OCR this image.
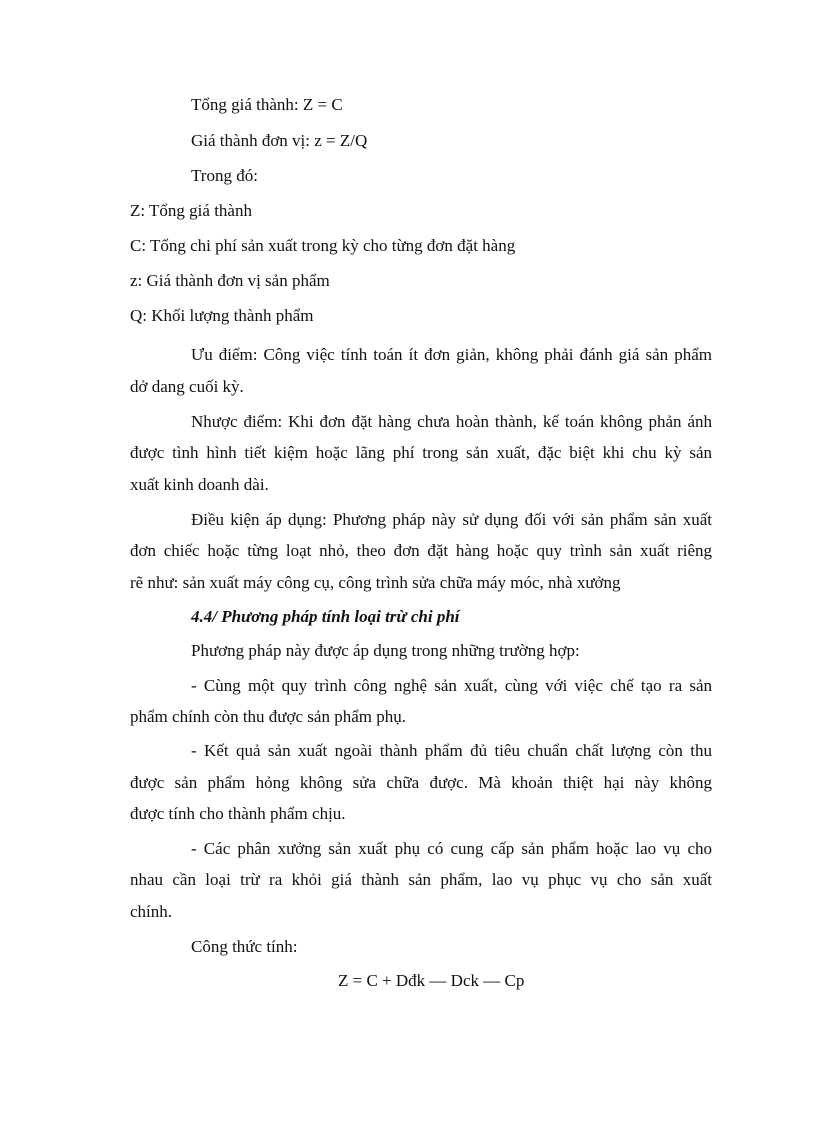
Tổng giá thành: Z = C
Giá thành đơn vị: z = Z/Q
Trong đó:
Z: Tổng giá thành
C: Tổng chi phí sản xuất trong kỳ cho từng đơn đặt hàng
z: Giá thành đơn vị sản phẩm
Q: Khối lượng thành phẩm
Ưu điểm: Công việc tính toán ít đơn giản, không phải đánh giá sản phẩm
dở dang cuối kỳ.
Nhược điểm: Khi đơn đặt hàng chưa hoàn thành, kế toán không phản ánh
được tình hình tiết kiệm hoặc lãng phí trong sản xuất, đặc biệt khi chu kỳ sản
xuất kinh doanh dài.
Điều kiện áp dụng: Phương pháp này sử dụng đối với sản phẩm sản xuất
đơn chiếc hoặc từng loạt nhỏ, theo đơn đặt hàng hoặc quy trình sản xuất riêng
rẽ như: sản xuất máy công cụ, công trình sửa chữa máy móc, nhà xưởng
4.4/ Phương pháp tính loại trừ chi phí
Phương pháp này được áp dụng trong những trường hợp:
- Cùng một quy trình công nghệ sản xuất, cùng với việc chế tạo ra sản
phẩm chính còn thu được sản phẩm phụ.
- Kết quả sản xuất ngoài thành phẩm đủ tiêu chuẩn chất lượng còn thu
được sản phẩm hỏng không sửa chữa được. Mà khoản thiệt hại này không
được tính cho thành phẩm chịu.
- Các phân xưởng sản xuất phụ có cung cấp sản phẩm hoặc lao vụ cho
nhau cần loại trừ ra khỏi giá thành sản phẩm, lao vụ phục vụ cho sản xuất
chính.
Công thức tính:
Z = C + Dđk — Dck — Cp
